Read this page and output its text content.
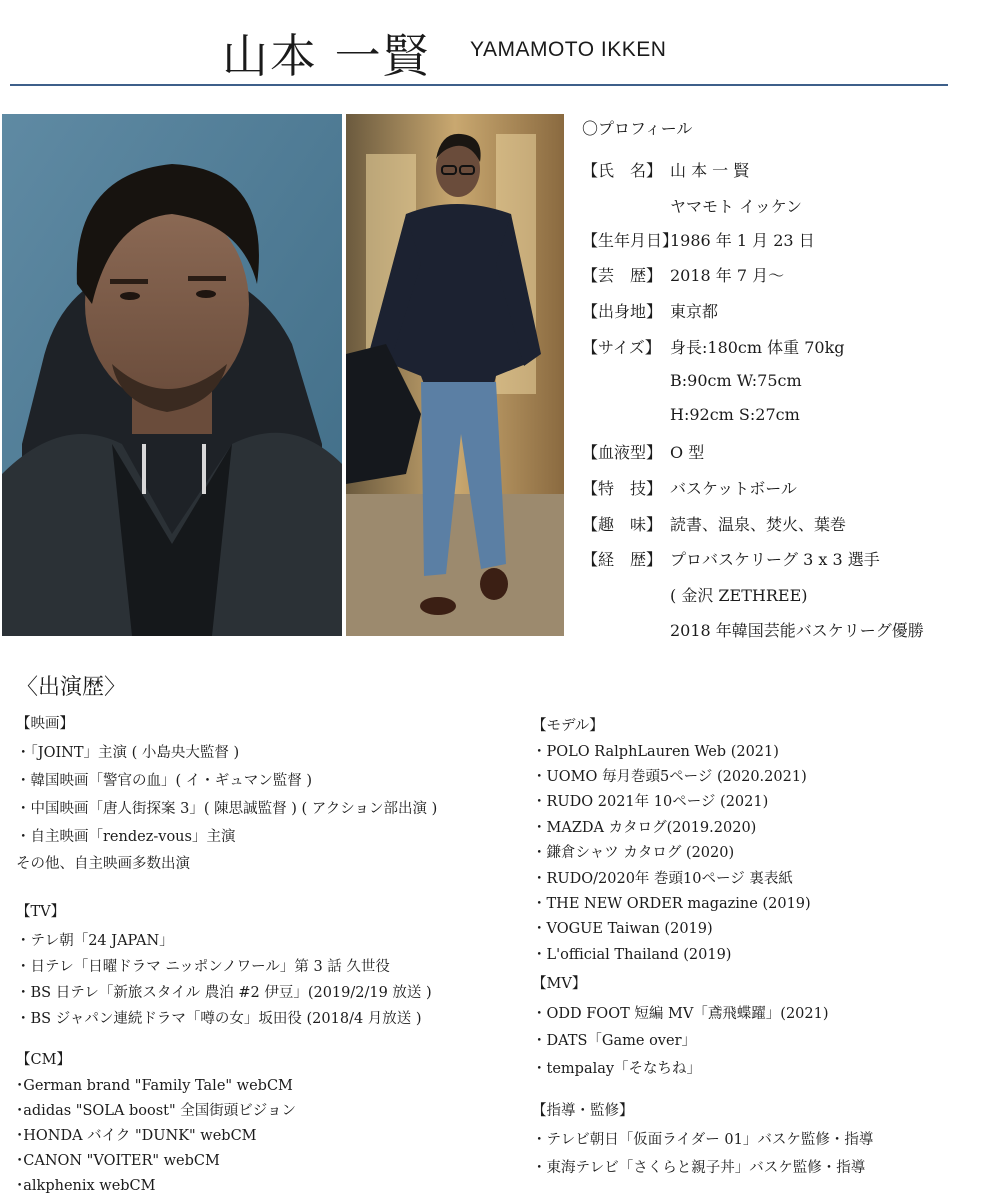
山本 一賢 YAMAMOTO IKKEN
〇プロフィール
【氏　名】 山 本 一 賢
ヤマモト イッケン
【生年月日】
1986 年 1 月 23 日
【芸　歴】 2018 年 7 月～
【出身地】 東京都
【サイズ】 身長:180cm 体重 70kg
B:90cm W:75cm
H:92cm S:27cm
【血液型】 O 型
【特　技】 バスケットボール
【趣　味】 読書、温泉、焚火、葉巻
【経　歴】 プロバスケリーグ 3 x 3 選手
( 金沢 ZETHREE)
2018 年韓国芸能バスケリーグ優勝
〈出演歴〉
【映画】
・「JOINT」主演 ( 小島央大監督 )
・韓国映画「警官の血」( イ・ギュマン監督 )
・中国映画「唐人街探案 3」( 陳思誠監督 ) ( アクション部出演 )
・自主映画「rendez-vous」主演
その他、自主映画多数出演
【TV】
・テレ朝「24 JAPAN」
・日テレ「日曜ドラマ ニッポンノワール」第 3 話 久世役
・BS 日テレ「新旅スタイル 農泊 #2 伊豆」(2019/2/19 放送 )
・BS ジャパン連続ドラマ「噂の女」坂田役 (2018/4 月放送 )
【CM】
･German brand "Family Tale" webCM
･adidas "SOLA boost" 全国街頭ビジョン
･HONDA バイク "DUNK" webCM
･CANON "VOITER" webCM
･alkphenix webCM
【モデル】
・POLO RalphLauren Web (2021)
・UOMO 毎月巻頭5ページ (2020.2021)
・RUDO 2021年 10ページ (2021)
・MAZDA カタログ(2019.2020)
・鎌倉シャツ カタログ (2020)
・RUDO/2020年 巻頭10ページ 裏表紙
・THE NEW ORDER magazine (2019)
・VOGUE Taiwan (2019)
・L'official Thailand (2019)
【MV】
・ODD FOOT 短編 MV「鳶飛蝶躍」(2021)
・DATS「Game over」
・tempalay「そなちね」
【指導・監修】
・テレビ朝日「仮面ライダー 01」バスケ監修・指導
・東海テレビ「さくらと親子丼」バスケ監修・指導
